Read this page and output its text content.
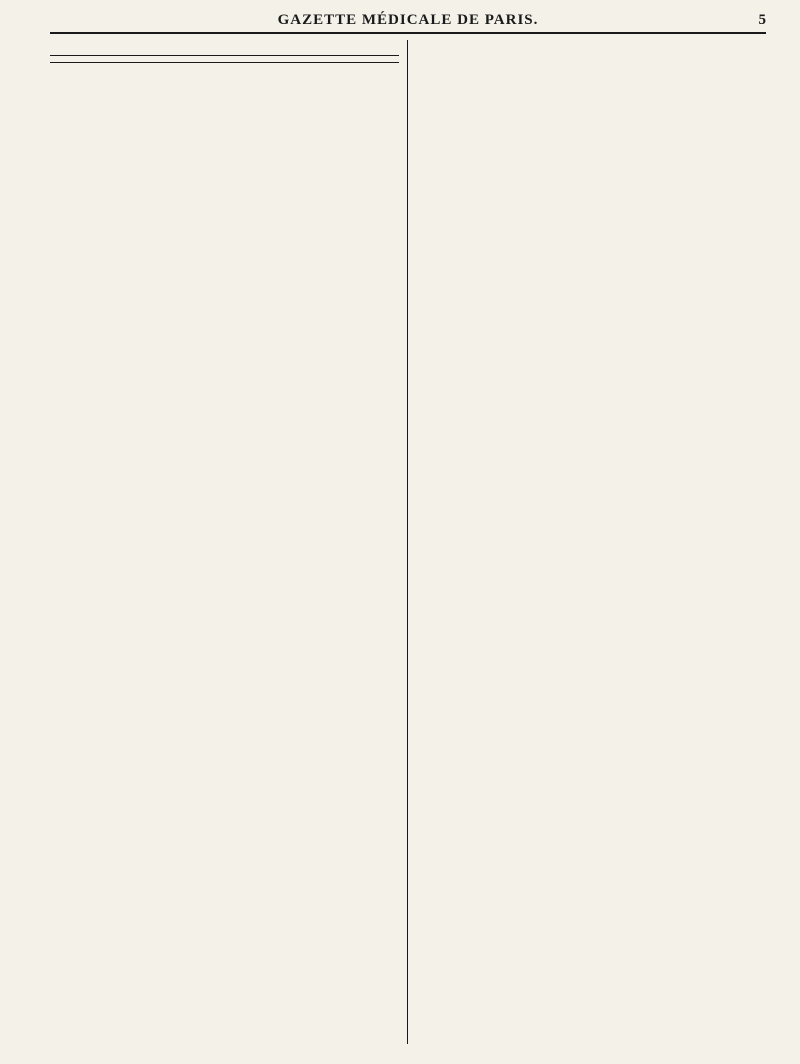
GAZETTE MÉDICALE DE PARIS.	5
